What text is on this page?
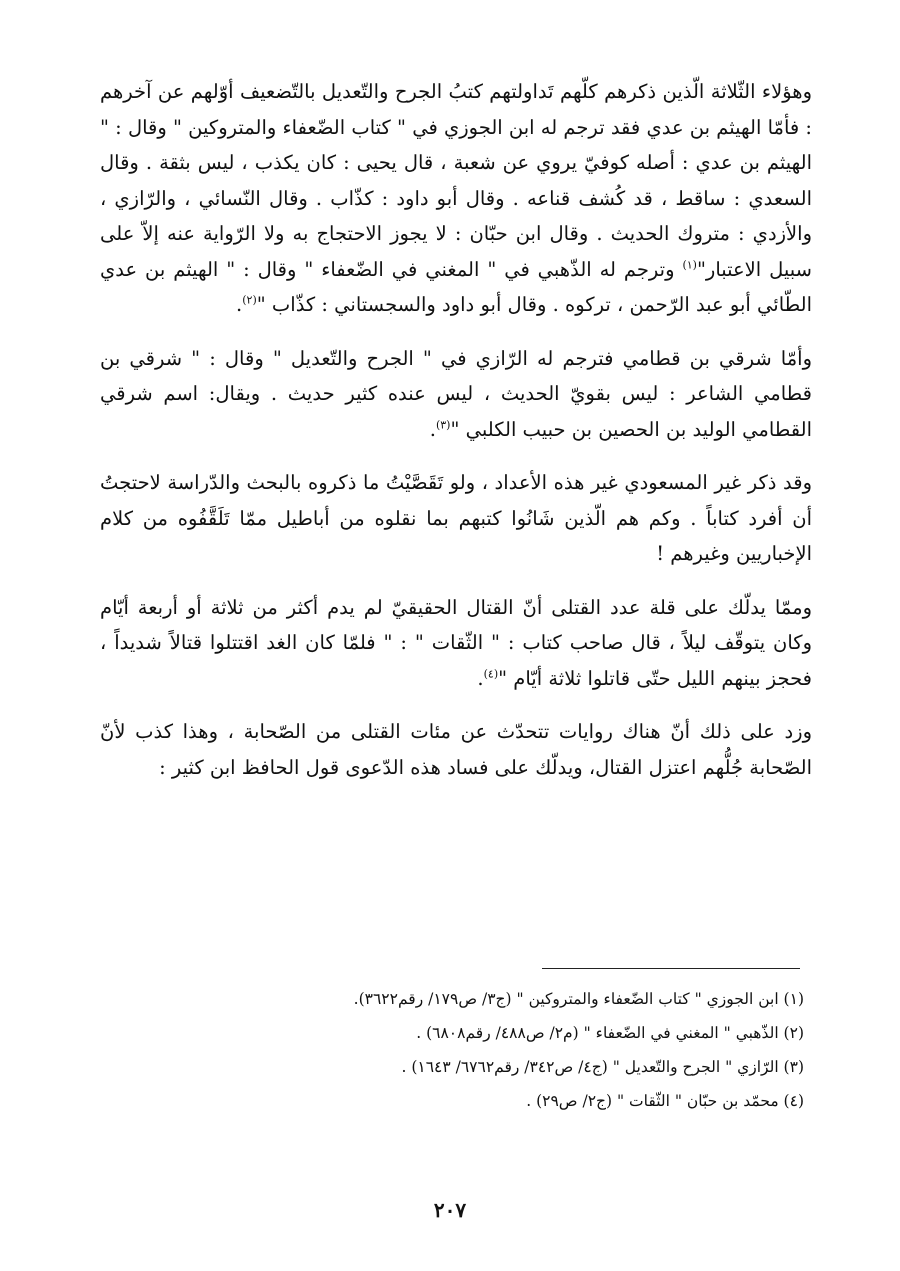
وهؤلاء الثّلاثة الّذين ذكرهم كلّهم تَداولتهم كتبُ الجرح والتّعديل بالتّضعيف أوّلهم عن آخرهم : فأمّا الهيثم بن عدي فقد ترجم له ابن الجوزي في " كتاب الضّعفاء والمتروكين " وقال : " الهيثم بن عدي : أصله كوفيّ يروي عن شعبة ، قال يحيى : كان يكذب ، ليس بثقة . وقال السعدي : ساقط ، قد كُشف قناعه . وقال أبو داود : كذّاب . وقال النّسائي ، والرّازي ، والأزدي : متروك الحديث . وقال ابن حبّان : لا يجوز الاحتجاج به ولا الرّواية عنه إلاّ على سبيل الاعتبار"$^{(١)}$ وترجم له الذّهبي في " المغني في الضّعفاء " وقال : " الهيثم بن عدي الطّائي أبو عبد الرّحمن ، تركوه . وقال أبو داود والسجستاني : كذّاب "$^{(٢)}$.

وأمّا شرقي بن قطامي فترجم له الرّازي في " الجرح والتّعديل " وقال : " شرقي بن قطامي الشاعر : ليس بقويّ الحديث ، ليس عنده كثير حديث . ويقال: اسم شرقي القطامي الوليد بن الحصين بن حبيب الكلبي "$^{(٣)}$.

وقد ذكر غير المسعودي غير هذه الأعداد ، ولو تَقَصَّيْتُ ما ذكروه بالبحث والدّراسة لاحتجتُ أن أفرد كتاباً . وكم هم الّذين شَانُوا كتبهم بما نقلوه من أباطيل ممّا تَلَقَّفُوه من كلام الإخباريين وغيرهم !

وممّا يدلّك على قلة عدد القتلى أنّ القتال الحقيقيّ لم يدم أكثر من ثلاثة أو أربعة أيّام وكان يتوقّف ليلاً ، قال صاحب كتاب : " الثّقات " : " فلمّا كان الغد اقتتلوا قتالاً شديداً ، فحجز بينهم الليل حتّى قاتلوا ثلاثة أيّام "$^{(٤)}$.

وزد على ذلك أنّ هناك روايات تتحدّث عن مئات القتلى من الصّحابة ، وهذا كذب لأنّ الصّحابة جُلُّهم اعتزل القتال، ويدلّك على فساد هذه الدّعوى قول الحافظ ابن كثير :

(١) ابن الجوزي " كتاب الضّعفاء والمتروكين " (ج٣/ ص١٧٩/ رقم٣٦٢٢).

(٢) الذّهبي " المغني في الضّعفاء " (م٢/ ص٤٨٨/ رقم٦٨٠٨) .

(٣) الرّازي " الجرح والتّعديل " (ج٤/ ص٣٤٢/ رقم٦٧٦٢/ ١٦٤٣) .

(٤) محمّد بن حبّان " الثّقات " (ج٢/ ص٢٩) .

٢٠٧
